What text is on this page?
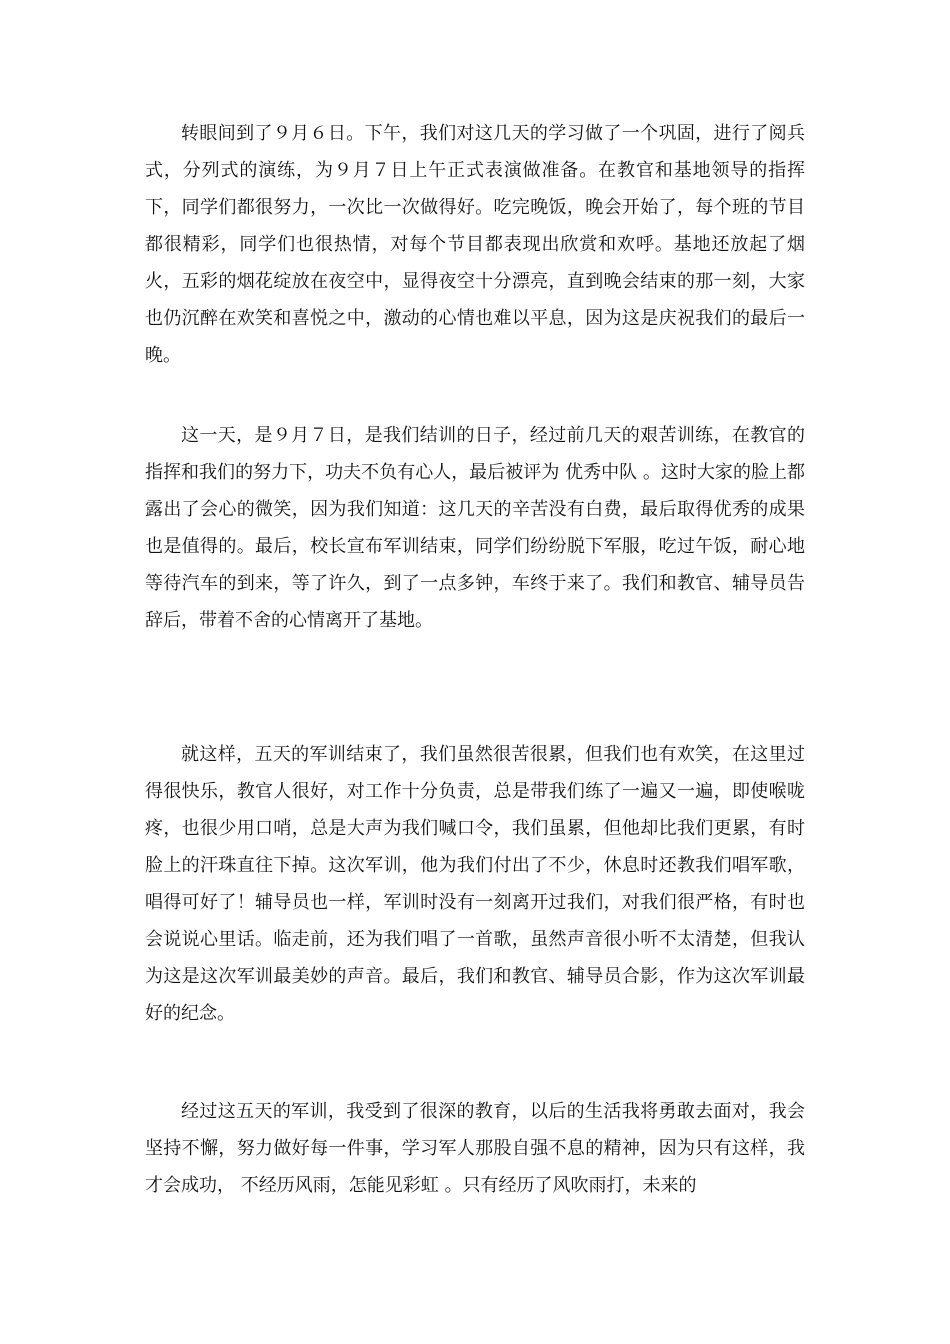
转眼间到了９月６日。下午，我们对这几天的学习做了一个巩固，进行了阅兵式，分列式的演练，为９月７日上午正式表演做准备。在教官和基地领导的指挥下，同学们都很努力，一次比一次做得好。吃完晚饭，晚会开始了，每个班的节目都很精彩，同学们也很热情，对每个节目都表现出欣赏和欢呼。基地还放起了烟火，五彩的烟花绽放在夜空中，显得夜空十分漂亮，直到晚会结束的那一刻，大家也仍沉醉在欢笑和喜悦之中，激动的心情也难以平息，因为这是庆祝我们的最后一晚。

这一天，是９月７日，是我们结训的日子，经过前几天的艰苦训练，在教官的指挥和我们的努力下，功夫不负有心人，最后被评为 优秀中队 。这时大家的脸上都露出了会心的微笑，因为我们知道：这几天的辛苦没有白费，最后取得优秀的成果也是值得的。最后，校长宣布军训结束，同学们纷纷脱下军服，吃过午饭，耐心地等待汽车的到来，等了许久，到了一点多钟，车终于来了。我们和教官、辅导员告辞后，带着不舍的心情离开了基地。

就这样，五天的军训结束了，我们虽然很苦很累，但我们也有欢笑，在这里过得很快乐，教官人很好，对工作十分负责，总是带我们练了一遍又一遍，即使喉咙疼，也很少用口哨，总是大声为我们喊口令，我们虽累，但他却比我们更累，有时脸上的汗珠直往下掉。这次军训，他为我们付出了不少，休息时还教我们唱军歌，唱得可好了！辅导员也一样，军训时没有一刻离开过我们，对我们很严格，有时也会说说心里话。临走前，还为我们唱了一首歌，虽然声音很小听不太清楚，但我认为这是这次军训最美妙的声音。最后，我们和教官、辅导员合影，作为这次军训最好的纪念。

经过这五天的军训，我受到了很深的教育，以后的生活我将勇敢去面对，我会坚持不懈，努力做好每一件事，学习军人那股自强不息的精神，因为只有这样，我才会成功， 不经历风雨，怎能见彩虹 。只有经历了风吹雨打，未来的
